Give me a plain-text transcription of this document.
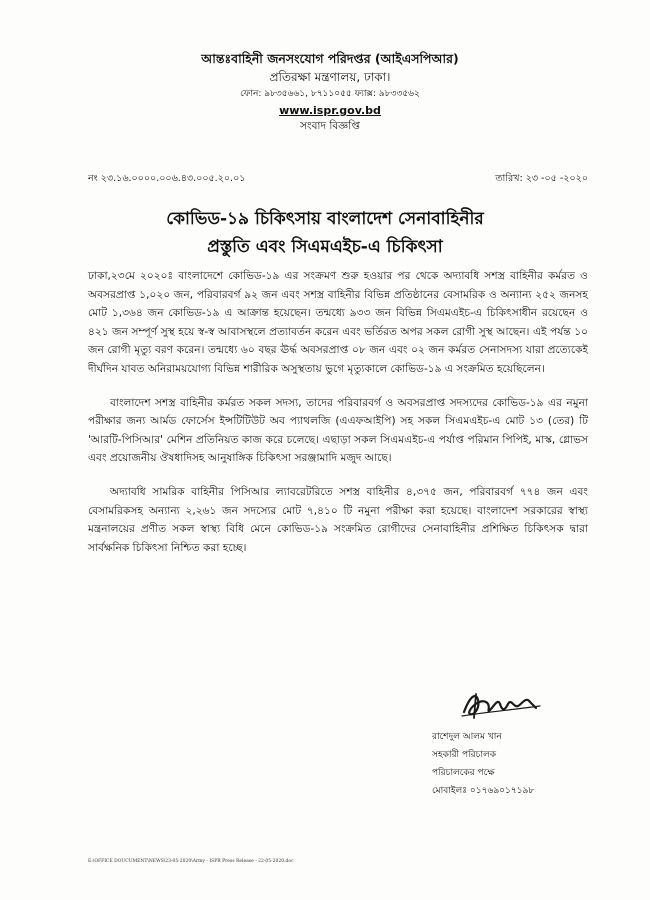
আন্তঃবাহিনী জনসংযোগ পরিদপ্তর (আইএসপিআর)
প্রতিরক্ষা মন্ত্রণালয়, ঢাকা।
ফোন: ৯৮৩৫৬৬১, ৮৭১১০৫৫ ফ্যাক্স: ৯৮৩৩৫৬২
www.ispr.gov.bd
সংবাদ বিজ্ঞপ্তি
নং ২৩.১৬.০০০০.০০৬.৪৩.০০৫.২০.০১	তারিখ: ২৩ -০৫ -২০২০
কোভিড-১৯ চিকিৎসায় বাংলাদেশ সেনাবাহিনীর
প্রস্তুতি এবং সিএমএইচ-এ চিকিৎসা

ঢাকা,২৩মে ২০২০ঃ বাংলাদেশে কোভিড-১৯ এর সংক্রমণ শুরু হওয়ার পর থেকে অদ্যাবধি সশস্ত্র বাহিনীর কর্মরত ও অবসরপ্রাপ্ত ১,০২০ জন, পরিবারবর্গ ৯২ জন এবং সশস্ত্র বাহিনীর বিভিন্ন প্রতিষ্ঠানের বেসামরিক ও অন্যান্য ২৫২ জনসহ মোট ১,৩৬৪ জন কোভিড-১৯ এ আক্রান্ত হয়েছেন। তন্মধ্যে ৯৩৩ জন বিভিন্ন সিএমএইচ-এ চিকিৎসাধীন রয়েছেন ও ৪২১ জন সম্পূর্ণ সুস্থ হয়ে স্ব-স্ব আবাসস্থলে প্রত্যাবর্তন করেন এবং ভর্তিরত অপর সকল রোগী সুস্থ আছেন। এই পর্যন্ত ১০ জন রোগী মৃত্যু বরণ করেন। তন্মধ্যে ৬০ বছর ঊর্দ্ধ অবসরপ্রাপ্ত ০৮ জন এবং ০২ জন কর্মরত সেনাসদস্য যারা প্রত্যেকেই দীর্ঘদিন যাবত অনিরাময়যোগ্য বিভিন্ন শারীরিক অসুস্থতায় ভুগে মৃত্যুকালে কোভিড-১৯ এ সংক্রমিত হয়েছিলেন।

বাংলাদেশ সশস্ত্র বাহিনীর কর্মরত সকল সদস্য, তাদের পরিবারবর্গ ও অবসরপ্রাপ্ত সদস্যদের কোভিড-১৯ এর নমুনা পরীক্ষার জন্য আর্মড ফোর্সেস ইন্সটিটিউট অব প্যাথলজি (এএফআইপি) সহ সকল সিএমএইচ-এ মোট ১৩ (তের) টি 'আরটি-পিসিআর' মেশিন প্রতিনিয়ত কাজ করে চলেছে। এছাড়া সকল সিএমএইচ-এ পর্যাপ্ত পরিমান পিপিই, মাস্ক, গ্লোভস এবং প্রয়োজনীয় ঔষধাদিসহ আনুষাঙ্গিক চিকিৎসা সরঞ্জামাদি মজুদ আছে।

অদ্যাবধি সামরিক বাহিনীর পিসিআর ল্যাবরেটরিতে সশস্ত্র বাহিনীর ৪,৩৭৫ জন, পরিবারবর্গ ৭৭৪ জন এবং বেসামরিকসহ অন্যান্য ২,২৬১ জন সদস্যের মোট ৭,৪১০ টি নমুনা পরীক্ষা করা হয়েছে। বাংলাদেশ সরকারের স্বাস্থ্য মন্ত্রনালয়ের প্রণীত সকল স্বাস্থ্য বিধি মেনে কোভিড-১৯ সংক্রমিত রোগীদের সেনাবাহিনীর প্রশিক্ষিত চিকিৎসক দ্বারা সার্বক্ষনিক চিকিৎসা নিশ্চিত করা হচ্ছে।

রাশেদুল আলম খান
সহকারী পরিচালক
পরিচালকের পক্ষে
মোবাইলঃ ০১৭৬৯০১৭১৯৮
E:\OFFICE DOUCUMENT\NEWS\23-05-2020\Army - ISPR Press Release - 22-05-2020.doc
